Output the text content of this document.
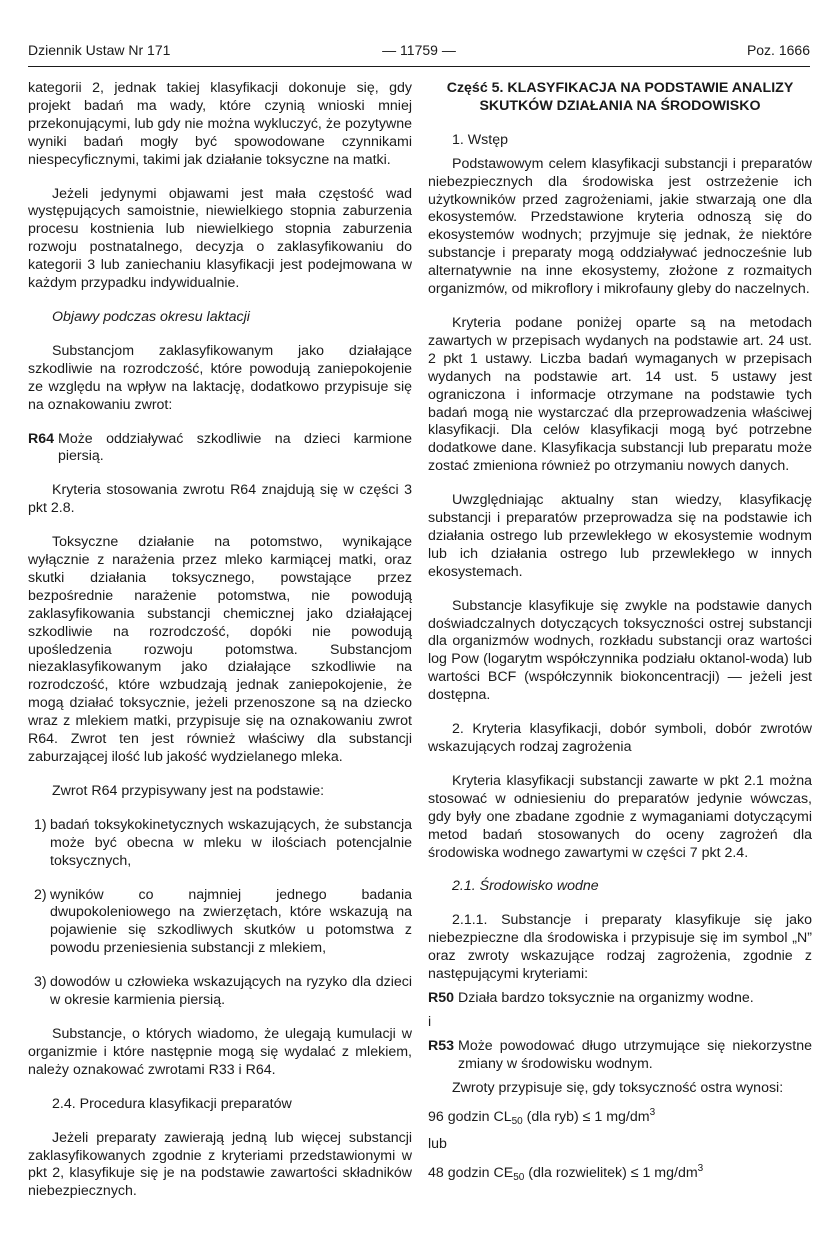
Dziennik Ustaw Nr 171	— 11759 —	Poz. 1666

kategorii 2, jednak takiej klasyfikacji dokonuje się, gdy projekt badań ma wady, które czynią wnioski mniej przekonującymi, lub gdy nie można wykluczyć, że pozytywne wyniki badań mogły być spowodowane czynnikami niespecyficznymi, takimi jak działanie toksyczne na matki.

Jeżeli jedynymi objawami jest mała częstość wad występujących samoistnie, niewielkiego stopnia zaburzenia procesu kostnienia lub niewielkiego stopnia zaburzenia rozwoju postnatalnego, decyzja o zaklasyfikowaniu do kategorii 3 lub zaniechaniu klasyfikacji jest podejmowana w każdym przypadku indywidualnie.

Objawy podczas okresu laktacji

Substancjom zaklasyfikowanym jako działające szkodliwie na rozrodczość, które powodują zaniepokojenie ze względu na wpływ na laktację, dodatkowo przypisuje się na oznakowaniu zwrot:

R64 Może oddziaływać szkodliwie na dzieci karmione piersią.

Kryteria stosowania zwrotu R64 znajdują się w części 3 pkt 2.8.

Toksyczne działanie na potomstwo, wynikające wyłącznie z narażenia przez mleko karmiącej matki, oraz skutki działania toksycznego, powstające przez bezpośrednie narażenie potomstwa, nie powodują zaklasyfikowania substancji chemicznej jako działającej szkodliwie na rozrodczość, dopóki nie powodują upośledzenia rozwoju potomstwa. Substancjom niezaklasyfikowanym jako działające szkodliwie na rozrodczość, które wzbudzają jednak zaniepokojenie, że mogą działać toksycznie, jeżeli przenoszone są na dziecko wraz z mlekiem matki, przypisuje się na oznakowaniu zwrot R64. Zwrot ten jest również właściwy dla substancji zaburzającej ilość lub jakość wydzielanego mleka.

Zwrot R64 przypisywany jest na podstawie:

1) badań toksykokinetycznych wskazujących, że substancja może być obecna w mleku w ilościach potencjalnie toksycznych,

2) wyników co najmniej jednego badania dwupokoleniowego na zwierzętach, które wskazują na pojawienie się szkodliwych skutków u potomstwa z powodu przeniesienia substancji z mlekiem,

3) dowodów u człowieka wskazujących na ryzyko dla dzieci w okresie karmienia piersią.

Substancje, o których wiadomo, że ulegają kumulacji w organizmie i które następnie mogą się wydalać z mlekiem, należy oznakować zwrotami R33 i R64.

2.4. Procedura klasyfikacji preparatów

Jeżeli preparaty zawierają jedną lub więcej substancji zaklasyfikowanych zgodnie z kryteriami przedstawionymi w pkt 2, klasyfikuje się je na podstawie zawartości składników niebezpiecznych.

Część 5. KLASYFIKACJA NA PODSTAWIE ANALIZY SKUTKÓW DZIAŁANIA NA ŚRODOWISKO

1. Wstęp

Podstawowym celem klasyfikacji substancji i preparatów niebezpiecznych dla środowiska jest ostrzeżenie ich użytkowników przed zagrożeniami, jakie stwarzają one dla ekosystemów. Przedstawione kryteria odnoszą się do ekosystemów wodnych; przyjmuje się jednak, że niektóre substancje i preparaty mogą oddziaływać jednocześnie lub alternatywnie na inne ekosystemy, złożone z rozmaitych organizmów, od mikroflory i mikrofauny gleby do naczelnych.

Kryteria podane poniżej oparte są na metodach zawartych w przepisach wydanych na podstawie art. 24 ust. 2 pkt 1 ustawy. Liczba badań wymaganych w przepisach wydanych na podstawie art. 14 ust. 5 ustawy jest ograniczona i informacje otrzymane na podstawie tych badań mogą nie wystarczać dla przeprowadzenia właściwej klasyfikacji. Dla celów klasyfikacji mogą być potrzebne dodatkowe dane. Klasyfikacja substancji lub preparatu może zostać zmieniona również po otrzymaniu nowych danych.

Uwzględniając aktualny stan wiedzy, klasyfikację substancji i preparatów przeprowadza się na podstawie ich działania ostrego lub przewlekłego w ekosystemie wodnym lub ich działania ostrego lub przewlekłego w innych ekosystemach.

Substancje klasyfikuje się zwykle na podstawie danych doświadczalnych dotyczących toksyczności ostrej substancji dla organizmów wodnych, rozkładu substancji oraz wartości log Pow (logarytm współczynnika podziału oktanol-woda) lub wartości BCF (współczynnik biokoncentracji) — jeżeli jest dostępna.

2. Kryteria klasyfikacji, dobór symboli, dobór zwrotów wskazujących rodzaj zagrożenia

Kryteria klasyfikacji substancji zawarte w pkt 2.1 można stosować w odniesieniu do preparatów jedynie wówczas, gdy były one zbadane zgodnie z wymaganiami dotyczącymi metod badań stosowanych do oceny zagrożeń dla środowiska wodnego zawartymi w części 7 pkt 2.4.

2.1. Środowisko wodne

2.1.1. Substancje i preparaty klasyfikuje się jako niebezpieczne dla środowiska i przypisuje się im symbol „N” oraz zwroty wskazujące rodzaj zagrożenia, zgodnie z następującymi kryteriami:

R50 Działa bardzo toksycznie na organizmy wodne.

i

R53 Może powodować długo utrzymujące się niekorzystne zmiany w środowisku wodnym.

Zwroty przypisuje się, gdy toksyczność ostra wynosi:

96 godzin $CL_{50}$ (dla ryb) ≤ 1 $mg/dm^3$

lub

48 godzin $CE_{50}$ (dla rozwielitek) ≤ 1 $mg/dm^3$
